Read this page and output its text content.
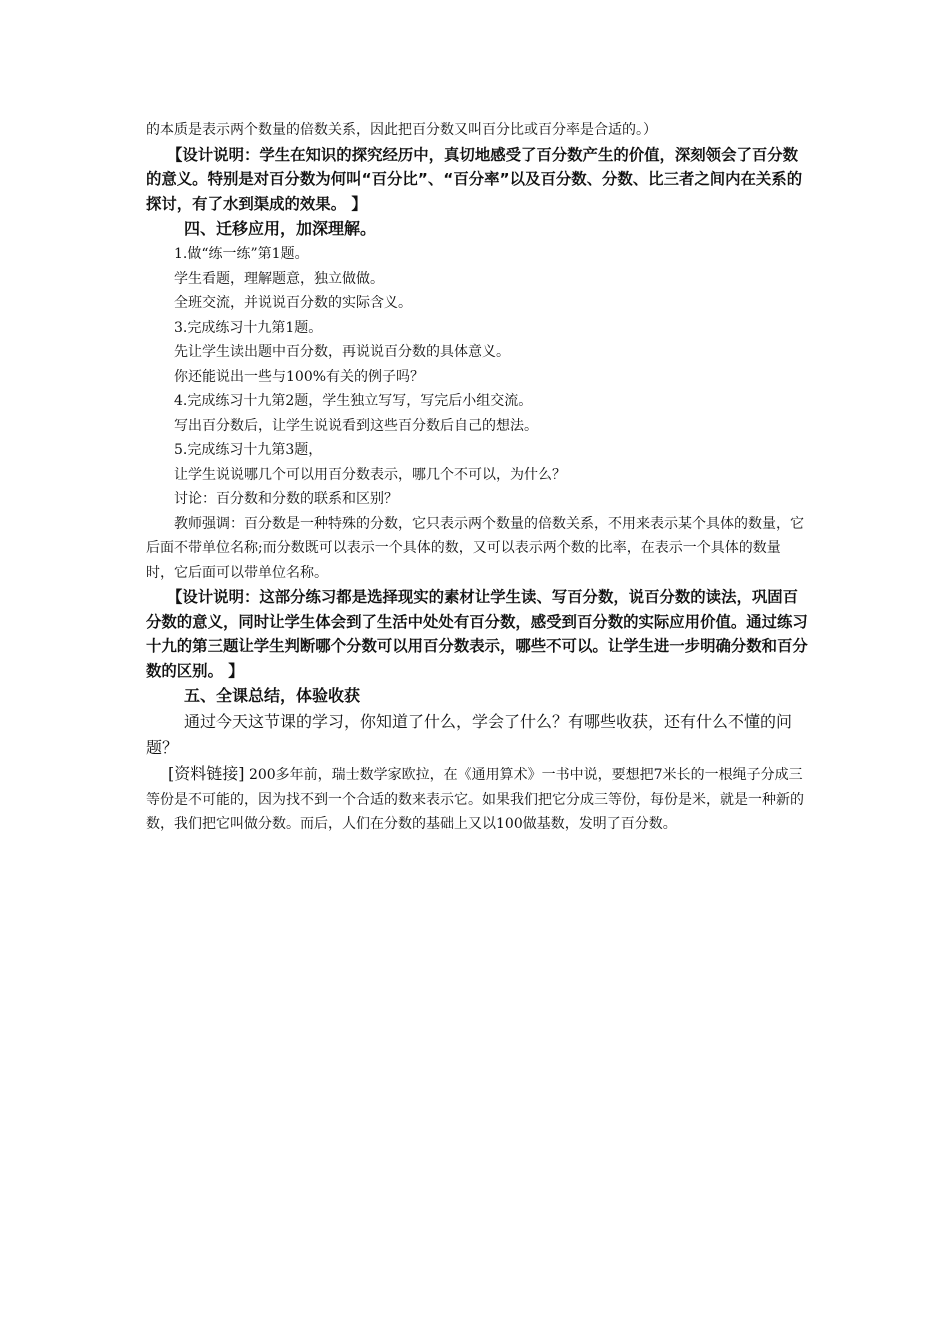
的本质是表示两个数量的倍数关系，因此把百分数又叫百分比或百分率是合适的。）

【设计说明：学生在知识的探究经历中，真切地感受了百分数产生的价值，深刻领会了百分数的意义。特别是对百分数为何叫“百分比”、“百分率”以及百分数、分数、比三者之间内在关系的探讨，有了水到渠成的效果。 】

四、迁移应用，加深理解。

1.做“练一练”第1题。

学生看题，理解题意，独立做做。

全班交流，并说说百分数的实际含义。

3.完成练习十九第1题。

先让学生读出题中百分数，再说说百分数的具体意义。

你还能说出一些与100%有关的例子吗？

4.完成练习十九第2题，学生独立写写，写完后小组交流。

写出百分数后，让学生说说看到这些百分数后自己的想法。

5.完成练习十九第3题，

让学生说说哪几个可以用百分数表示，哪几个不可以，为什么？

讨论：百分数和分数的联系和区别？

教师强调：百分数是一种特殊的分数，它只表示两个数量的倍数关系，不用来表示某个具体的数量，它后面不带单位名称;而分数既可以表示一个具体的数，又可以表示两个数的比率，在表示一个具体的数量时，它后面可以带单位名称。

【设计说明：这部分练习都是选择现实的素材让学生读、写百分数，说百分数的读法，巩固百分数的意义，同时让学生体会到了生活中处处有百分数，感受到百分数的实际应用价值。通过练习十九的第三题让学生判断哪个分数可以用百分数表示，哪些不可以。让学生进一步明确分数和百分数的区别。 】

五、全课总结，体验收获

通过今天这节课的学习，你知道了什么，学会了什么？有哪些收获，还有什么不懂的问题？

[资料链接] 200多年前，瑞士数学家欧拉，在《通用算术》一书中说，要想把7米长的一根绳子分成三等份是不可能的，因为找不到一个合适的数来表示它。如果我们把它分成三等份，每份是米，就是一种新的数，我们把它叫做分数。而后，人们在分数的基础上又以100做基数，发明了百分数。
